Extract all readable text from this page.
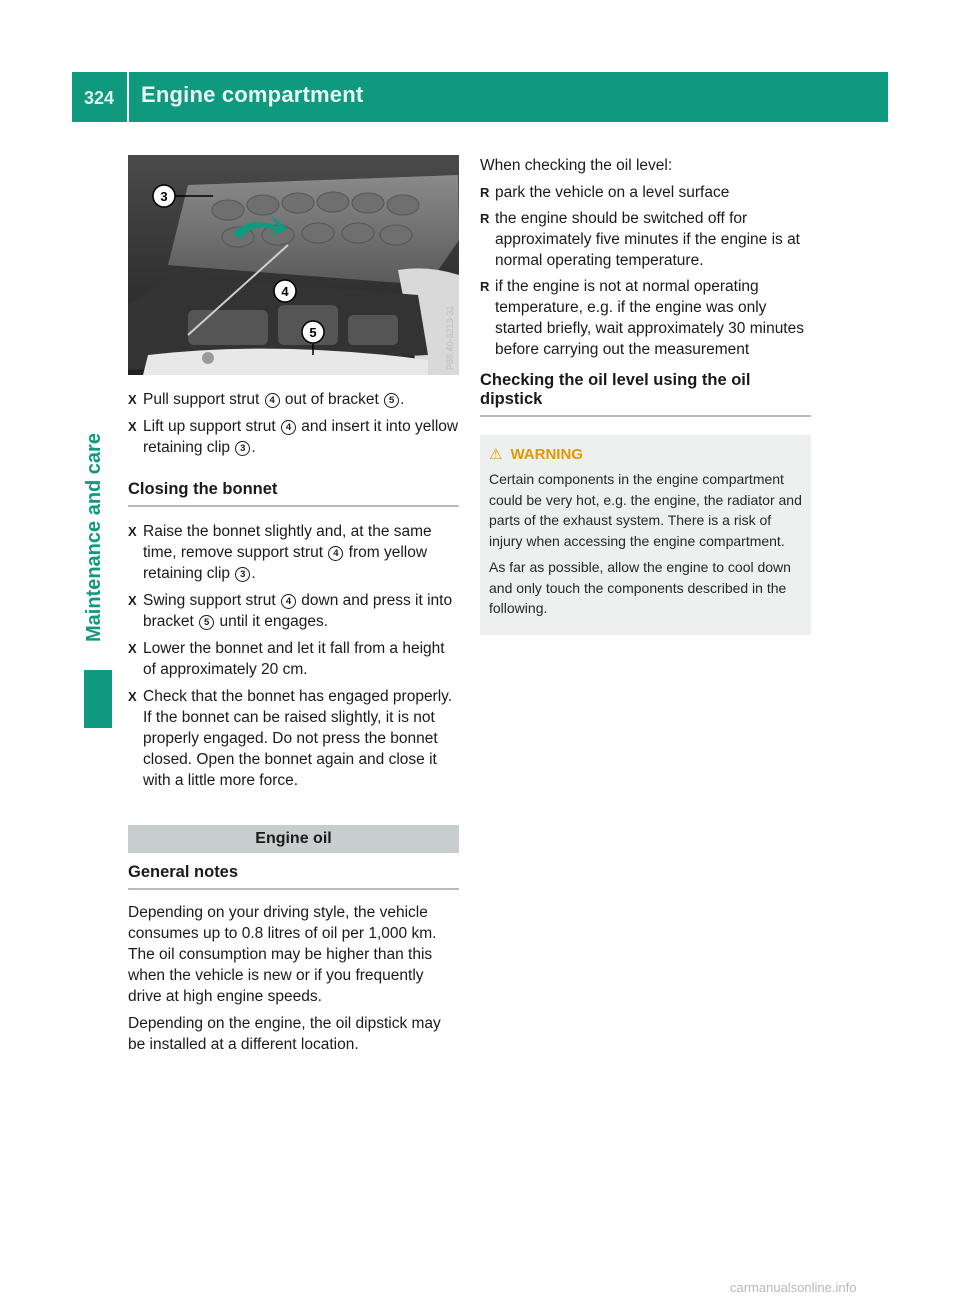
324	Engine compartment
Maintenance and care
3
4
5	P88.40-3213-31

X Pull support strut 4 out of bracket 5 .

X Lift up support strut 4 and insert it into yellow retaining clip 3 .

Closing the bonnet

X Raise the bonnet slightly and, at the same time, remove support strut 4 from yellow retaining clip 3 .

X Swing support strut 4 down and press it into bracket 5 until it engages.

X Lower the bonnet and let it fall from a height of approximately 20 cm.

X Check that the bonnet has engaged properly.
If the bonnet can be raised slightly, it is not properly engaged. Do not press the bonnet closed. Open the bonnet again and close it with a little more force.

Engine oil
General notes

Depending on your driving style, the vehicle consumes up to 0.8 litres of oil per 1,000 km. The oil consumption may be higher than this when the vehicle is new or if you frequently drive at high engine speeds.

Depending on the engine, the oil dipstick may be installed at a different location.

When checking the oil level:

R park the vehicle on a level surface

R the engine should be switched off for approximately five minutes if the engine is at normal operating temperature.

R if the engine is not at normal operating temperature, e.g. if the engine was only started briefly, wait approximately 30 minutes before carrying out the measurement

Checking the oil level using the oil dipstick
⚠ WARNING

Certain components in the engine compartment could be very hot, e.g. the engine, the radiator and parts of the exhaust system. There is a risk of injury when accessing the engine compartment.

As far as possible, allow the engine to cool down and only touch the components described in the following.

carmanualsonline.info
